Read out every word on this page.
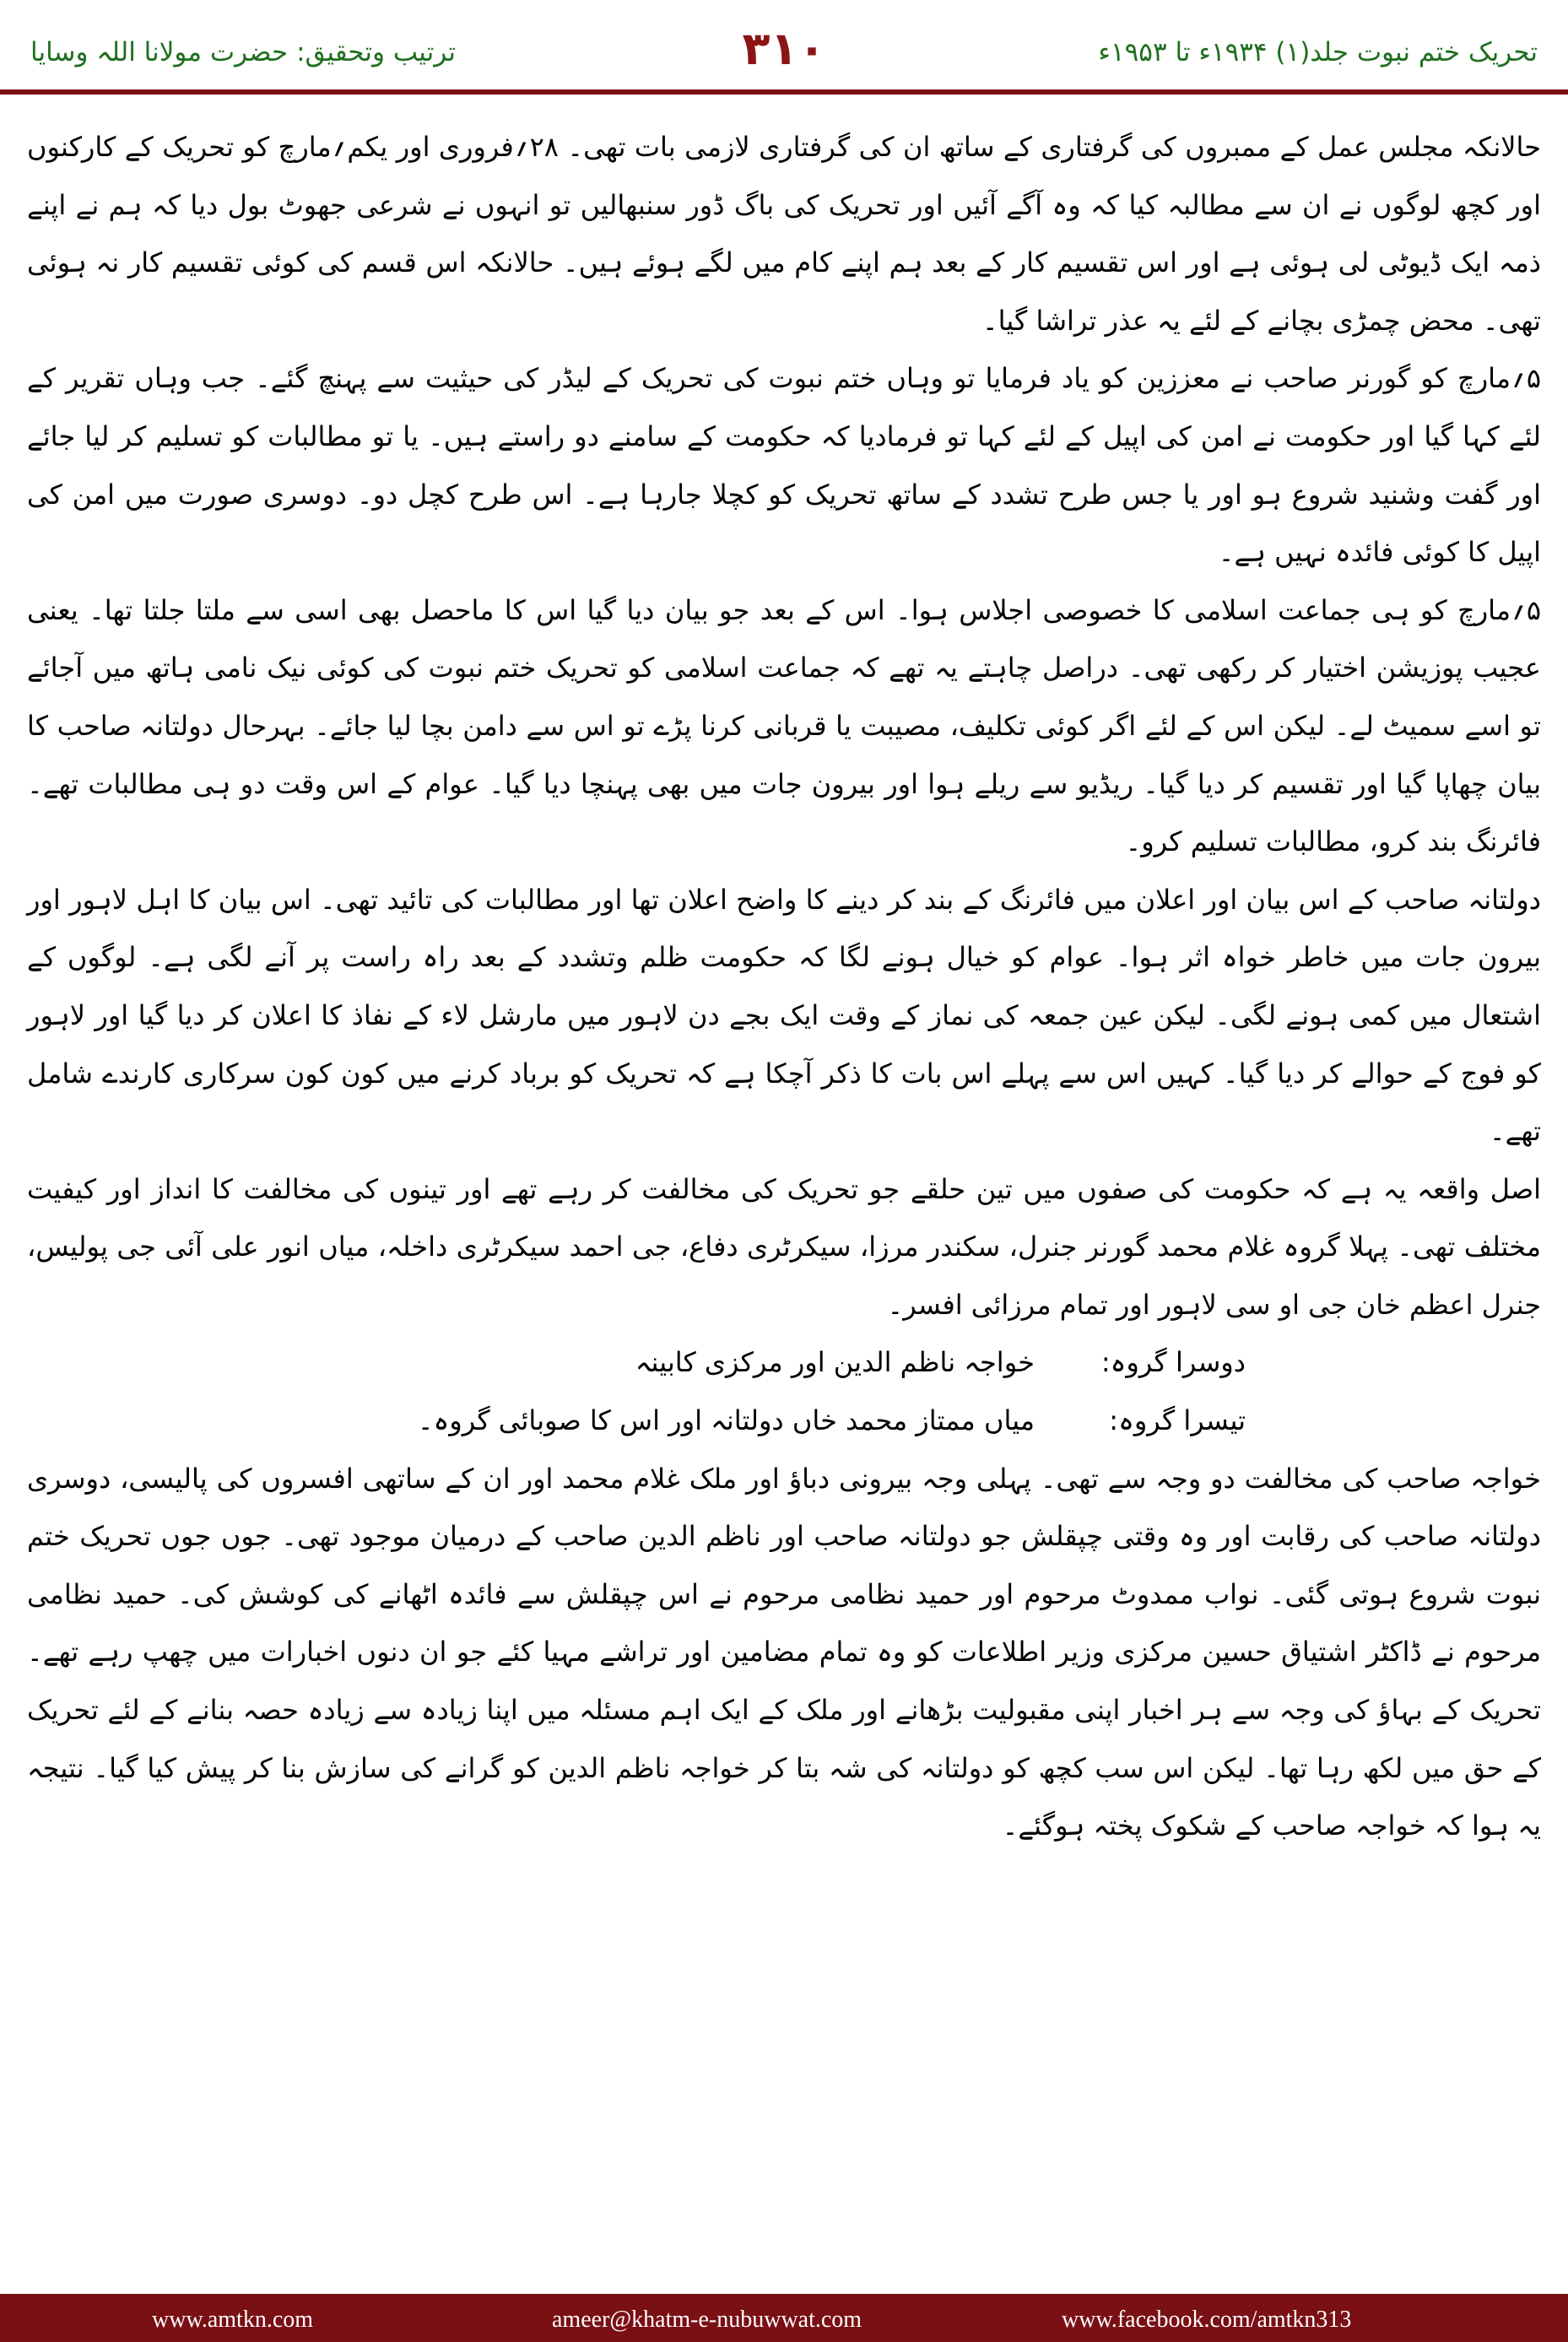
ترتیب وتحقیق: حضرت مولانا اللہ وسایا	۳۱۰	تحریک ختم نبوت جلد(۱) ۱۹۳۴ء تا ۱۹۵۳ء

حالانکہ مجلس عمل کے ممبروں کی گرفتاری کے ساتھ ان کی گرفتاری لازمی بات تھی۔ ۲۸؍فروری اور یکم؍مارچ کو تحریک کے کارکنوں اور کچھ لوگوں نے ان سے مطالبہ کیا کہ وہ آگے آئیں اور تحریک کی باگ ڈور سنبھالیں تو انہوں نے شرعی جھوٹ بول دیا کہ ہم نے اپنے ذمہ ایک ڈیوٹی لی ہوئی ہے اور اس تقسیم کار کے بعد ہم اپنے کام میں لگے ہوئے ہیں۔ حالانکہ اس قسم کی کوئی تقسیم کار نہ ہوئی تھی۔ محض چمڑی بچانے کے لئے یہ عذر تراشا گیا۔

۵؍مارچ کو گورنر صاحب نے معززین کو یاد فرمایا تو وہاں ختم نبوت کی تحریک کے لیڈر کی حیثیت سے پہنچ گئے۔ جب وہاں تقریر کے لئے کہا گیا اور حکومت نے امن کی اپیل کے لئے کہا تو فرمادیا کہ حکومت کے سامنے دو راستے ہیں۔ یا تو مطالبات کو تسلیم کر لیا جائے اور گفت وشنید شروع ہو اور یا جس طرح تشدد کے ساتھ تحریک کو کچلا جارہا ہے۔ اس طرح کچل دو۔ دوسری صورت میں امن کی اپیل کا کوئی فائدہ نہیں ہے۔

۵؍مارچ کو ہی جماعت اسلامی کا خصوصی اجلاس ہوا۔ اس کے بعد جو بیان دیا گیا اس کا ماحصل بھی اسی سے ملتا جلتا تھا۔ یعنی عجیب پوزیشن اختیار کر رکھی تھی۔ دراصل چاہتے یہ تھے کہ جماعت اسلامی کو تحریک ختم نبوت کی کوئی نیک نامی ہاتھ میں آجائے تو اسے سمیٹ لے۔ لیکن اس کے لئے اگر کوئی تکلیف، مصیبت یا قربانی کرنا پڑے تو اس سے دامن بچا لیا جائے۔ بہرحال دولتانہ صاحب کا بیان چھاپا گیا اور تقسیم کر دیا گیا۔ ریڈیو سے ریلے ہوا اور بیرون جات میں بھی پہنچا دیا گیا۔ عوام کے اس وقت دو ہی مطالبات تھے۔ فائرنگ بند کرو، مطالبات تسلیم کرو۔

دولتانہ صاحب کے اس بیان اور اعلان میں فائرنگ کے بند کر دینے کا واضح اعلان تھا اور مطالبات کی تائید تھی۔ اس بیان کا اہل لاہور اور بیرون جات میں خاطر خواہ اثر ہوا۔ عوام کو خیال ہونے لگا کہ حکومت ظلم وتشدد کے بعد راہ راست پر آنے لگی ہے۔ لوگوں کے اشتعال میں کمی ہونے لگی۔ لیکن عین جمعہ کی نماز کے وقت ایک بجے دن لاہور میں مارشل لاء کے نفاذ کا اعلان کر دیا گیا اور لاہور کو فوج کے حوالے کر دیا گیا۔ کہیں اس سے پہلے اس بات کا ذکر آچکا ہے کہ تحریک کو برباد کرنے میں کون کون سرکاری کارندے شامل تھے۔

اصل واقعہ یہ ہے کہ حکومت کی صفوں میں تین حلقے جو تحریک کی مخالفت کر رہے تھے اور تینوں کی مخالفت کا انداز اور کیفیت مختلف تھی۔ پہلا گروہ غلام محمد گورنر جنرل، سکندر مرزا، سیکرٹری دفاع، جی احمد سیکرٹری داخلہ، میاں انور علی آئی جی پولیس، جنرل اعظم خان جی او سی لاہور اور تمام مرزائی افسر۔

دوسرا گروہ:
خواجہ ناظم الدین اور مرکزی کابینہ
تیسرا گروہ:
میاں ممتاز محمد خاں دولتانہ اور اس کا صوبائی گروہ۔

خواجہ صاحب کی مخالفت دو وجہ سے تھی۔ پہلی وجہ بیرونی دباؤ اور ملک غلام محمد اور ان کے ساتھی افسروں کی پالیسی، دوسری دولتانہ صاحب کی رقابت اور وہ وقتی چپقلش جو دولتانہ صاحب اور ناظم الدین صاحب کے درمیان موجود تھی۔ جوں جوں تحریک ختم نبوت شروع ہوتی گئی۔ نواب ممدوٹ مرحوم اور حمید نظامی مرحوم نے اس چپقلش سے فائدہ اٹھانے کی کوشش کی۔ حمید نظامی مرحوم نے ڈاکٹر اشتیاق حسین مرکزی وزیر اطلاعات کو وہ تمام مضامین اور تراشے مہیا کئے جو ان دنوں اخبارات میں چھپ رہے تھے۔ تحریک کے بہاؤ کی وجہ سے ہر اخبار اپنی مقبولیت بڑھانے اور ملک کے ایک اہم مسئلہ میں اپنا زیادہ سے زیادہ حصہ بنانے کے لئے تحریک کے حق میں لکھ رہا تھا۔ لیکن اس سب کچھ کو دولتانہ کی شہ بتا کر خواجہ ناظم الدین کو گرانے کی سازش بنا کر پیش کیا گیا۔ نتیجہ یہ ہوا کہ خواجہ صاحب کے شکوک پختہ ہوگئے۔

www.amtkn.com	ameer@khatm-e-nubuwwat.com	www.facebook.com/amtkn313
